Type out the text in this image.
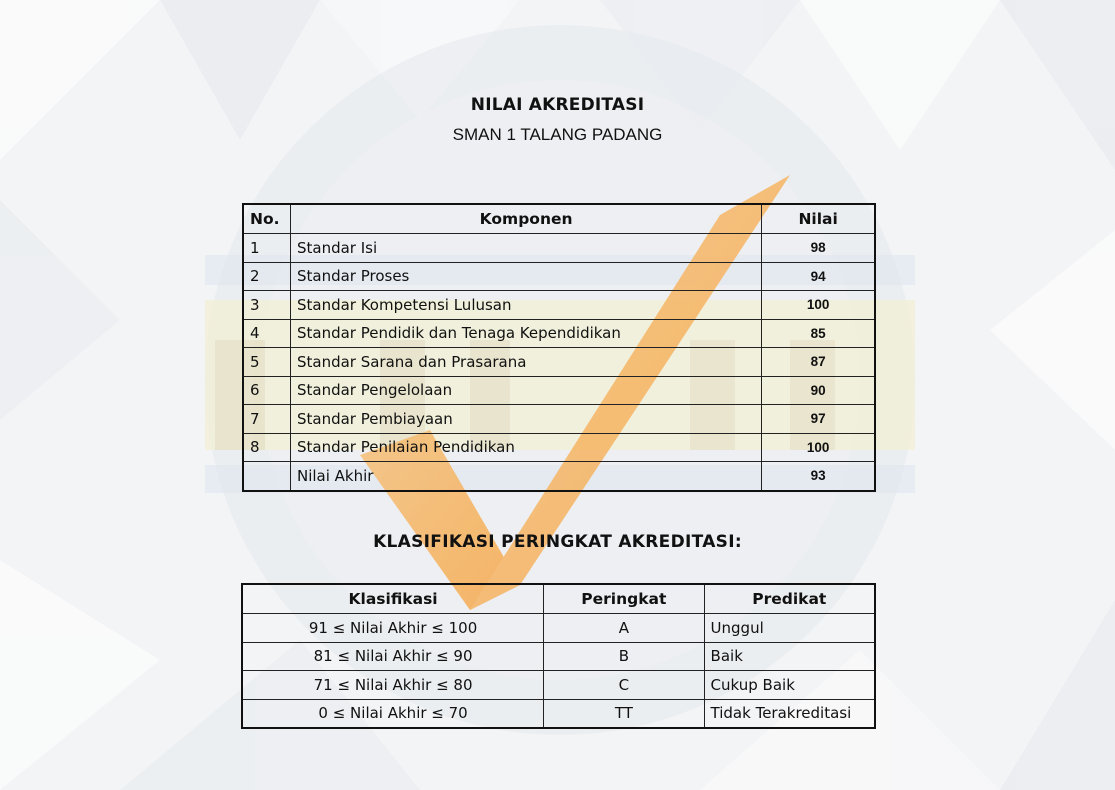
NILAI AKREDITASI
SMAN 1 TALANG PADANG
No.	Komponen	Nilai
1	Standar Isi	98
2	Standar Proses	94
3	Standar Kompetensi Lulusan	100
4	Standar Pendidik dan Tenaga Kependidikan	85
5	Standar Sarana dan Prasarana	87
6	Standar Pengelolaan	90
7	Standar Pembiayaan	97
8	Standar Penilaian Pendidikan	100
	Nilai Akhir	93
KLASIFIKASI PERINGKAT AKREDITASI:
Klasifikasi	Peringkat	Predikat
91 ≤ Nilai Akhir ≤ 100	A	Unggul
81 ≤ Nilai Akhir ≤ 90	B	Baik
71 ≤ Nilai Akhir ≤ 80	C	Cukup Baik
0 ≤ Nilai Akhir ≤ 70	TT	Tidak Terakreditasi
